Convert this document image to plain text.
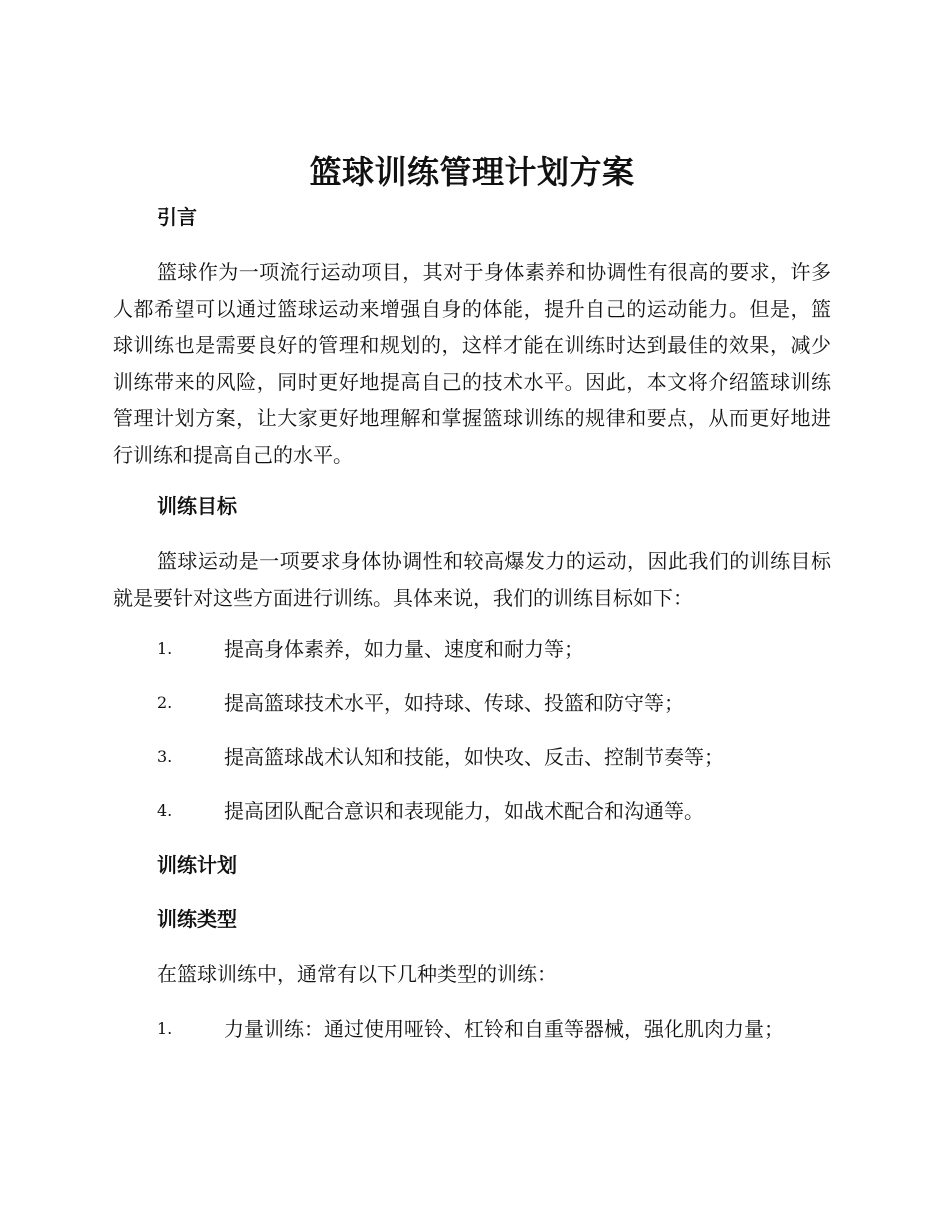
篮球训练管理计划方案
引言

篮球作为一项流行运动项目，其对于身体素养和协调性有很高的要求，许多人都希望可以通过篮球运动来增强自身的体能，提升自己的运动能力。但是，篮球训练也是需要良好的管理和规划的，这样才能在训练时达到最佳的效果，减少训练带来的风险，同时更好地提高自己的技术水平。因此，本文将介绍篮球训练管理计划方案，让大家更好地理解和掌握篮球训练的规律和要点，从而更好地进行训练和提高自己的水平。

训练目标

篮球运动是一项要求身体协调性和较高爆发力的运动，因此我们的训练目标就是要针对这些方面进行训练。具体来说，我们的训练目标如下：

1.	提高身体素养，如力量、速度和耐力等；
2.	提高篮球技术水平，如持球、传球、投篮和防守等；
3.	提高篮球战术认知和技能，如快攻、反击、控制节奏等；
4.	提高团队配合意识和表现能力，如战术配合和沟通等。
训练计划
训练类型

在篮球训练中，通常有以下几种类型的训练：

1.	力量训练：通过使用哑铃、杠铃和自重等器械，强化肌肉力量；
